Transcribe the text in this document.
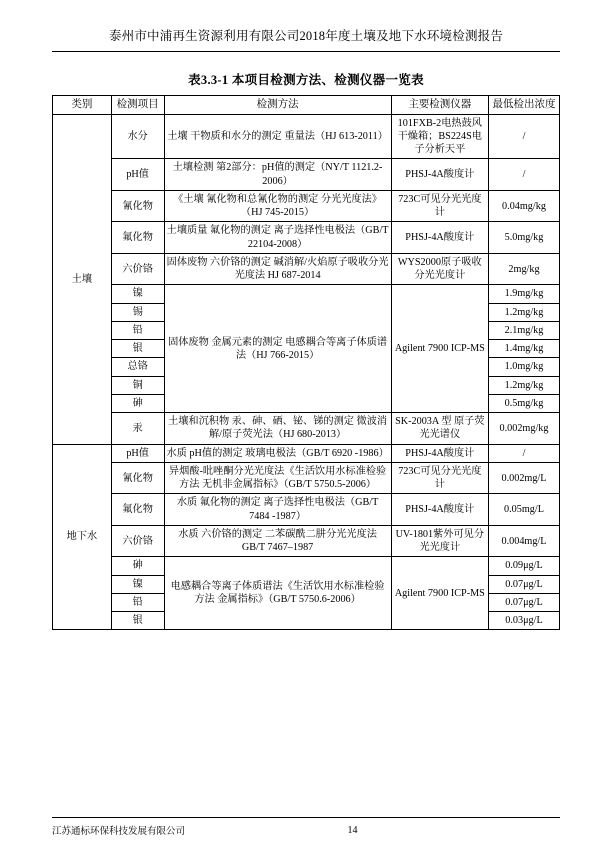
泰州市中浦再生资源利用有限公司2018年度土壤及地下水环境检测报告
表3.3-1 本项目检测方法、检测仪器一览表
类别	检测项目	检测方法	主要检测仪器	最低检出浓度
土壤	水分	土壤 干物质和水分的测定 重量法（HJ 613-2011）	101FXB-2电热鼓风干燥箱；BS224S电子分析天平	/
	pH值	土壤检测 第2部分：pH值的测定（NY/T 1121.2-2006）	PHSJ-4A酸度计	/
	氰化物	《土壤 氰化物和总氰化物的测定 分光光度法》（HJ 745-2015）	723C可见分光光度计	0.04mg/kg
	氟化物	土壤质量 氟化物的测定 离子选择性电极法（GB/T 22104-2008）	PHSJ-4A酸度计	5.0mg/kg
	六价铬	固体废物 六价铬的测定 碱消解/火焰原子吸收分光光度法 HJ 687-2014	WYS2000原子吸收分光光度计	2mg/kg
	镍	固体废物 金属元素的测定 电感耦合等离子体质谱法（HJ 766-2015）	Agilent 7900 ICP-MS	1.9mg/kg
	锡			1.2mg/kg
	铅			2.1mg/kg
	银			1.4mg/kg
	总铬			1.0mg/kg
	铜			1.2mg/kg
	砷			0.5mg/kg
	汞	土壤和沉积物 汞、砷、硒、铋、锑的测定 微波消解/原子荧光法（HJ 680-2013）	SK-2003A 型 原子荧光光谱仪	0.002mg/kg
地下水	pH值	水质 pH值的测定 玻璃电极法（GB/T 6920 -1986）	PHSJ-4A酸度计	/
	氰化物	异烟酸-吡唑酮分光光度法《生活饮用水标准检验方法 无机非金属指标》（GB/T 5750.5-2006）	723C可见分光光度计	0.002mg/L
	氟化物	水质 氟化物的测定 离子选择性电极法（GB/T 7484 -1987）	PHSJ-4A酸度计	0.05mg/L
	六价铬	水质 六价铬的测定 二苯碳酰二肼分光光度法 GB/T 7467–1987	UV-1801紫外可见分光光度计	0.004mg/L
	砷	电感耦合等离子体质谱法《生活饮用水标准检验方法 金属指标》（GB/T 5750.6-2006）	Agilent 7900 ICP-MS	0.09μg/L
	镍			0.07μg/L
	铅			0.07μg/L
	银			0.03μg/L
江苏通标环保科技发展有限公司	14
